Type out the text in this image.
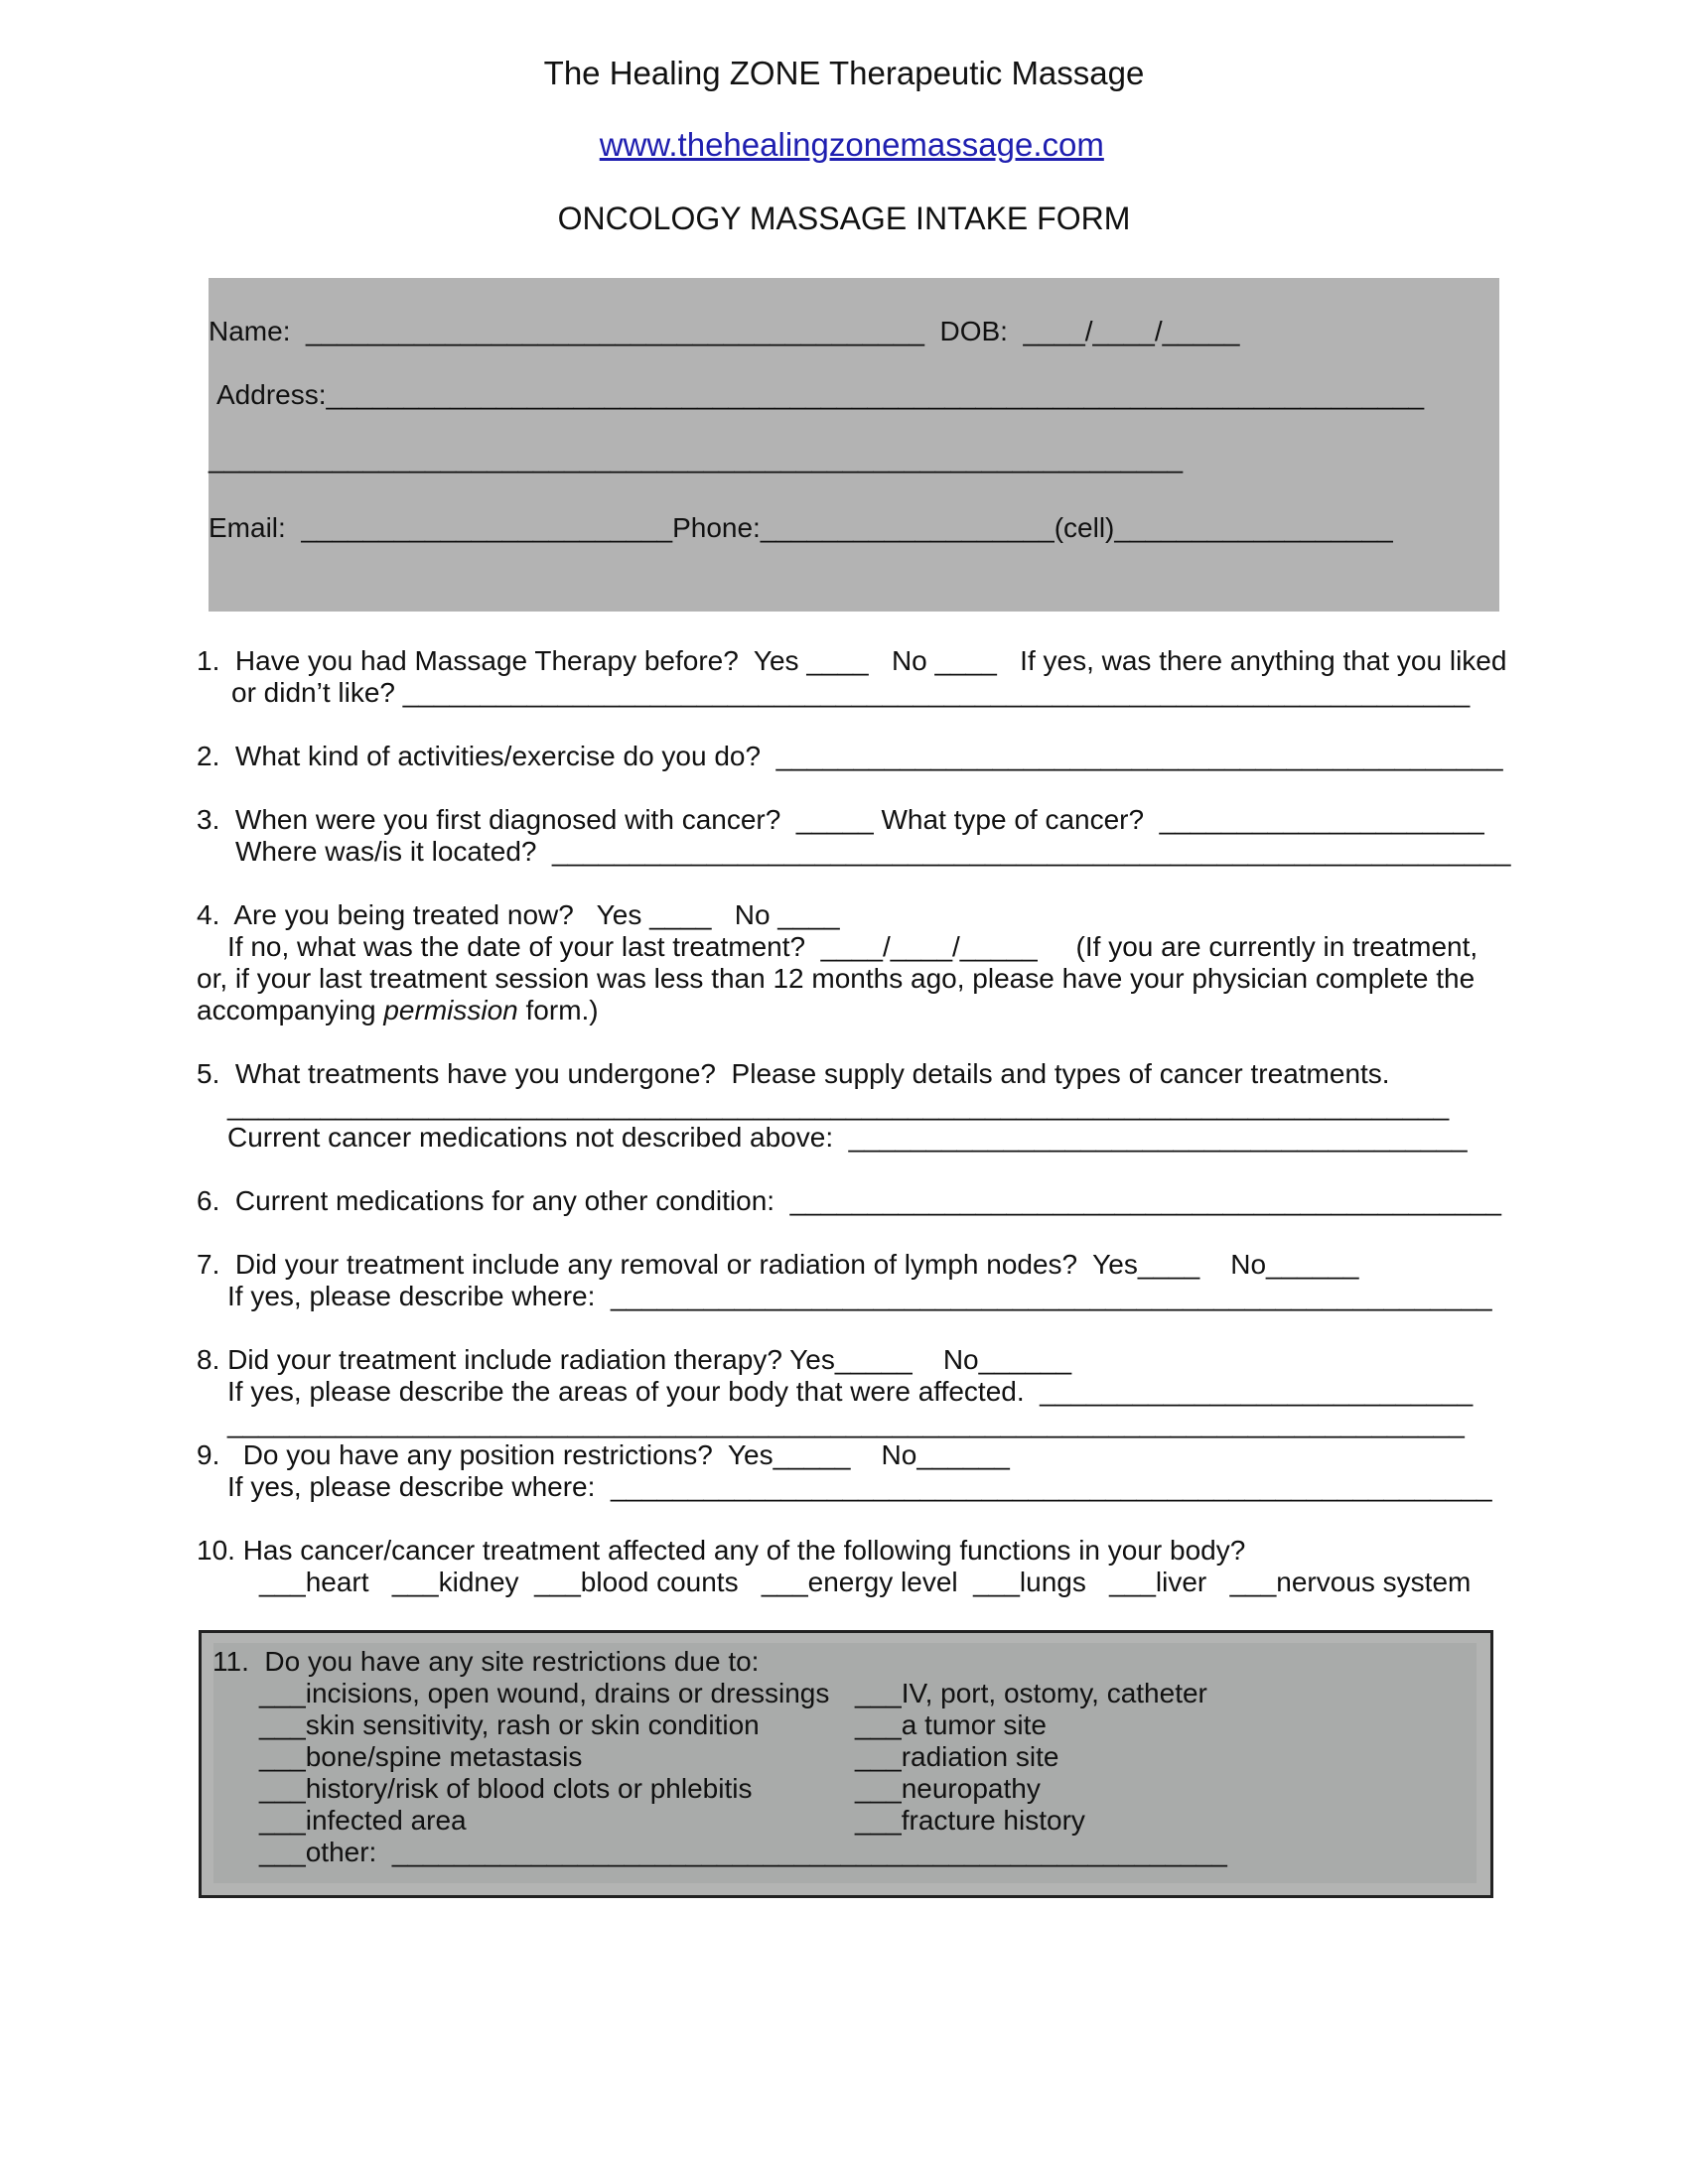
The Healing ZONE Therapeutic Massage

www.thehealingzonemassage.com

ONCOLOGY MASSAGE INTAKE FORM
Name:  ________________________________________  DOB:  ____/____/_____
Address:_______________________________________________________________________
_______________________________________________________________
Email:  ________________________Phone:___________________(cell)__________________
1.  Have you had Massage Therapy before?  Yes ____   No ____   If yes, was there anything that you liked
or didn’t like? _____________________________________________________________________
2.  What kind of activities/exercise do you do?  _______________________________________________
3.  When were you first diagnosed with cancer?  _____ What type of cancer?  _____________________
Where was/is it located?  ______________________________________________________________
4.  Are you being treated now?   Yes ____   No ____
If no, what was the date of your last treatment?  ____/____/_____     (If you are currently in treatment,
or, if your last treatment session was less than 12 months ago, please have your physician complete the
accompanying permission form.)
5.  What treatments have you undergone?  Please supply details and types of cancer treatments.
_______________________________________________________________________________
Current cancer medications not described above:  ________________________________________
6.  Current medications for any other condition:  ______________________________________________
7.  Did your treatment include any removal or radiation of lymph nodes?  Yes____    No______
If yes, please describe where:  _________________________________________________________
8. Did your treatment include radiation therapy? Yes_____    No______
If yes, please describe the areas of your body that were affected.  ____________________________
________________________________________________________________________________
9.   Do you have any position restrictions?  Yes_____    No______
If yes, please describe where:  _________________________________________________________
10. Has cancer/cancer treatment affected any of the following functions in your body?
___heart   ___kidney  ___blood counts   ___energy level  ___lungs   ___liver   ___nervous system
11.  Do you have any site restrictions due to:
___incisions, open wound, drains or dressings
___skin sensitivity, rash or skin condition
___bone/spine metastasis
___history/risk of blood clots or phlebitis
___infected area
___other:  ______________________________________________________
___IV, port, ostomy, catheter
___a tumor site
___radiation site
___neuropathy
___fracture history
